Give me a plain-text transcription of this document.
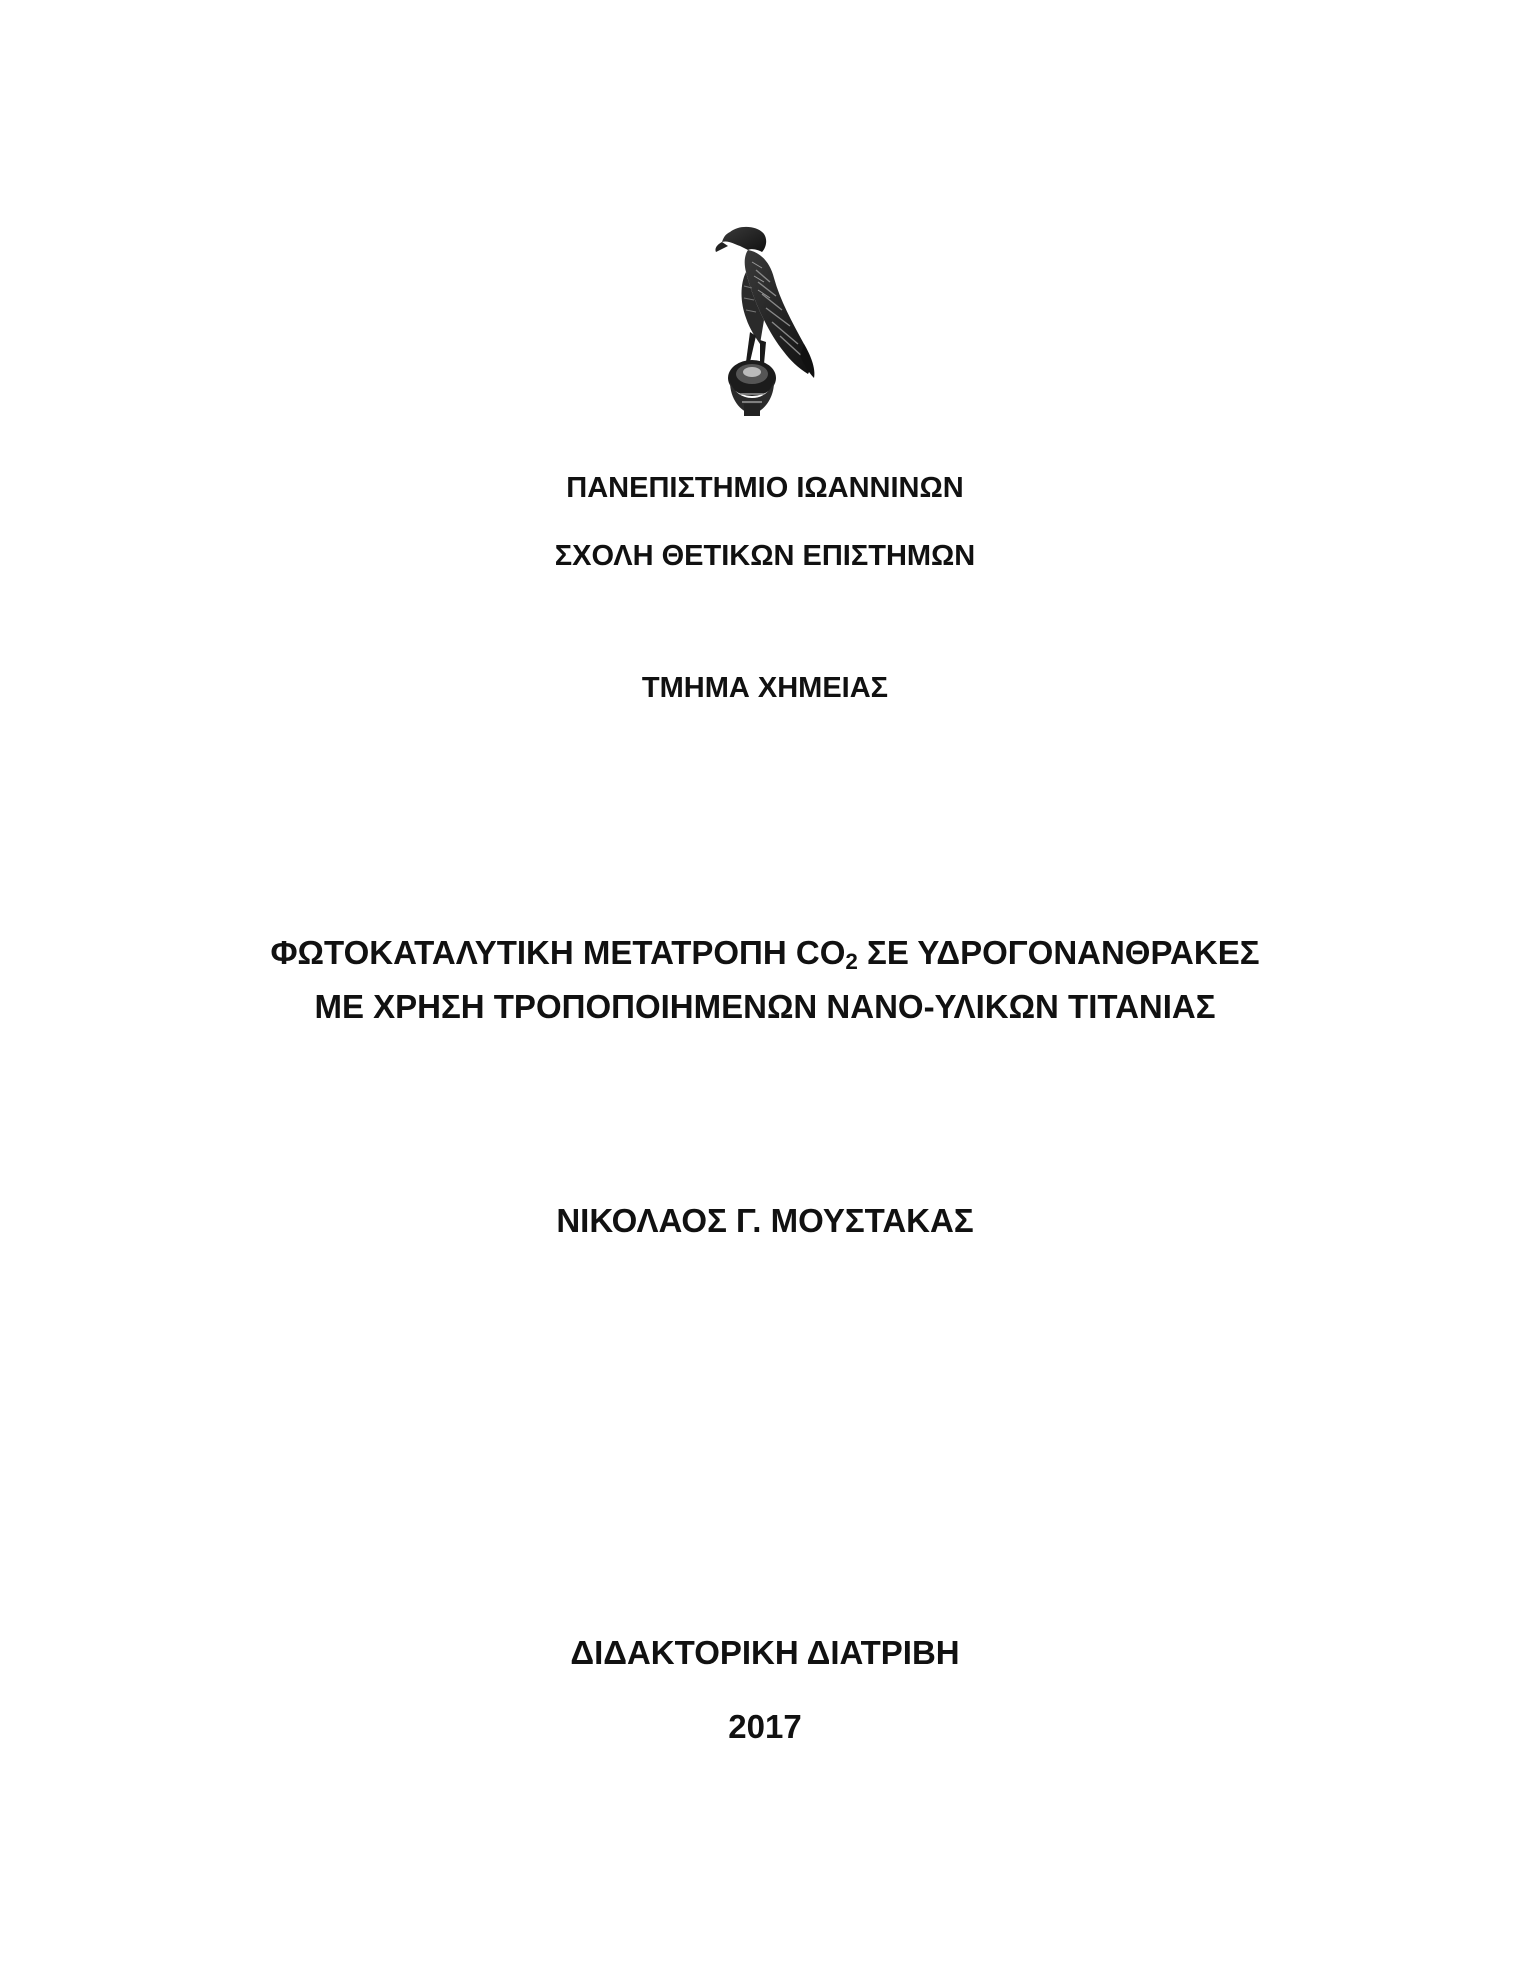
ΠΑΝΕΠΙΣΤΗΜΙΟ ΙΩΑΝΝΙΝΩΝ
ΣΧΟΛΗ ΘΕΤΙΚΩΝ ΕΠΙΣΤΗΜΩΝ
ΤΜΗΜΑ ΧΗΜΕΙΑΣ
ΦΩΤΟΚΑΤΑΛΥΤΙΚΗ ΜΕΤΑΤΡΟΠΗ $CO_2$ ΣΕ ΥΔΡΟΓΟΝΑΝΘΡΑΚΕΣ
ΜΕ ΧΡΗΣΗ ΤΡΟΠΟΠΟΙΗΜΕΝΩΝ ΝΑΝΟ-ΥΛΙΚΩΝ ΤΙΤΑΝΙΑΣ
ΝΙΚΟΛΑΟΣ Γ. ΜΟΥΣΤΑΚΑΣ
ΔΙΔΑΚΤΟΡΙΚΗ ΔΙΑΤΡΙΒΗ
2017
